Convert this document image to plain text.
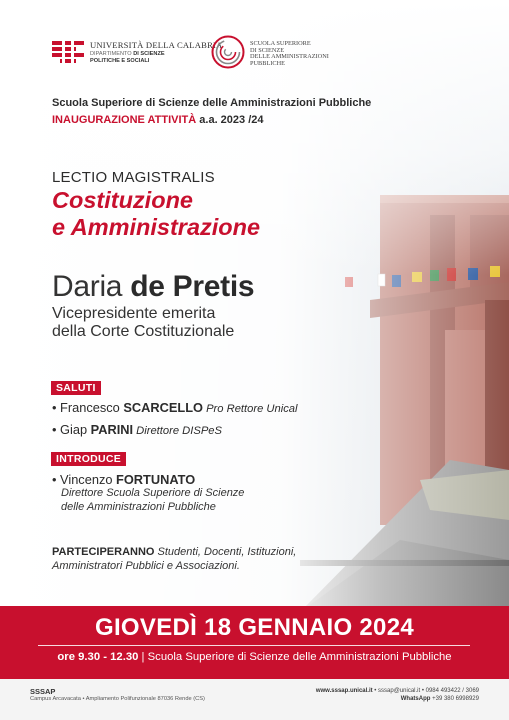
UNIVERSITÀ DELLA CALABRIA
DIPARTIMENTO DI SCIENZE
POLITICHE E SOCIALI
SCUOLA SUPERIORE
DI SCIENZE
DELLE AMMINISTRAZIONI
PUBBLICHE
Scuola Superiore di Scienze delle Amministrazioni Pubbliche
INAUGURAZIONE ATTIVITÀ a.a. 2023 /24
LECTIO MAGISTRALIS
Costituzione
e Amministrazione
Daria de Pretis
Vicepresidente emerita
della Corte Costituzionale
SALUTI
• Francesco SCARCELLO Pro Rettore Unical
• Giap PARINI Direttore DISPeS
INTRODUCE
• Vincenzo FORTUNATO
Direttore Scuola Superiore di Scienze
delle Amministrazioni Pubbliche
PARTECIPERANNO Studenti, Docenti, Istituzioni,
Amministratori Pubblici e Associazioni.
GIOVEDÌ 18 GENNAIO 2024
ore 9.30 - 12.30 | Scuola Superiore di Scienze delle Amministrazioni Pubbliche
SSSAP
Campus Arcavacata • Ampliamento Polifunzionale 87036 Rende (CS)
www.sssap.unical.it • sssap@unical.it • 0984 493422 / 3069
WhatsApp +39 380 6998929
